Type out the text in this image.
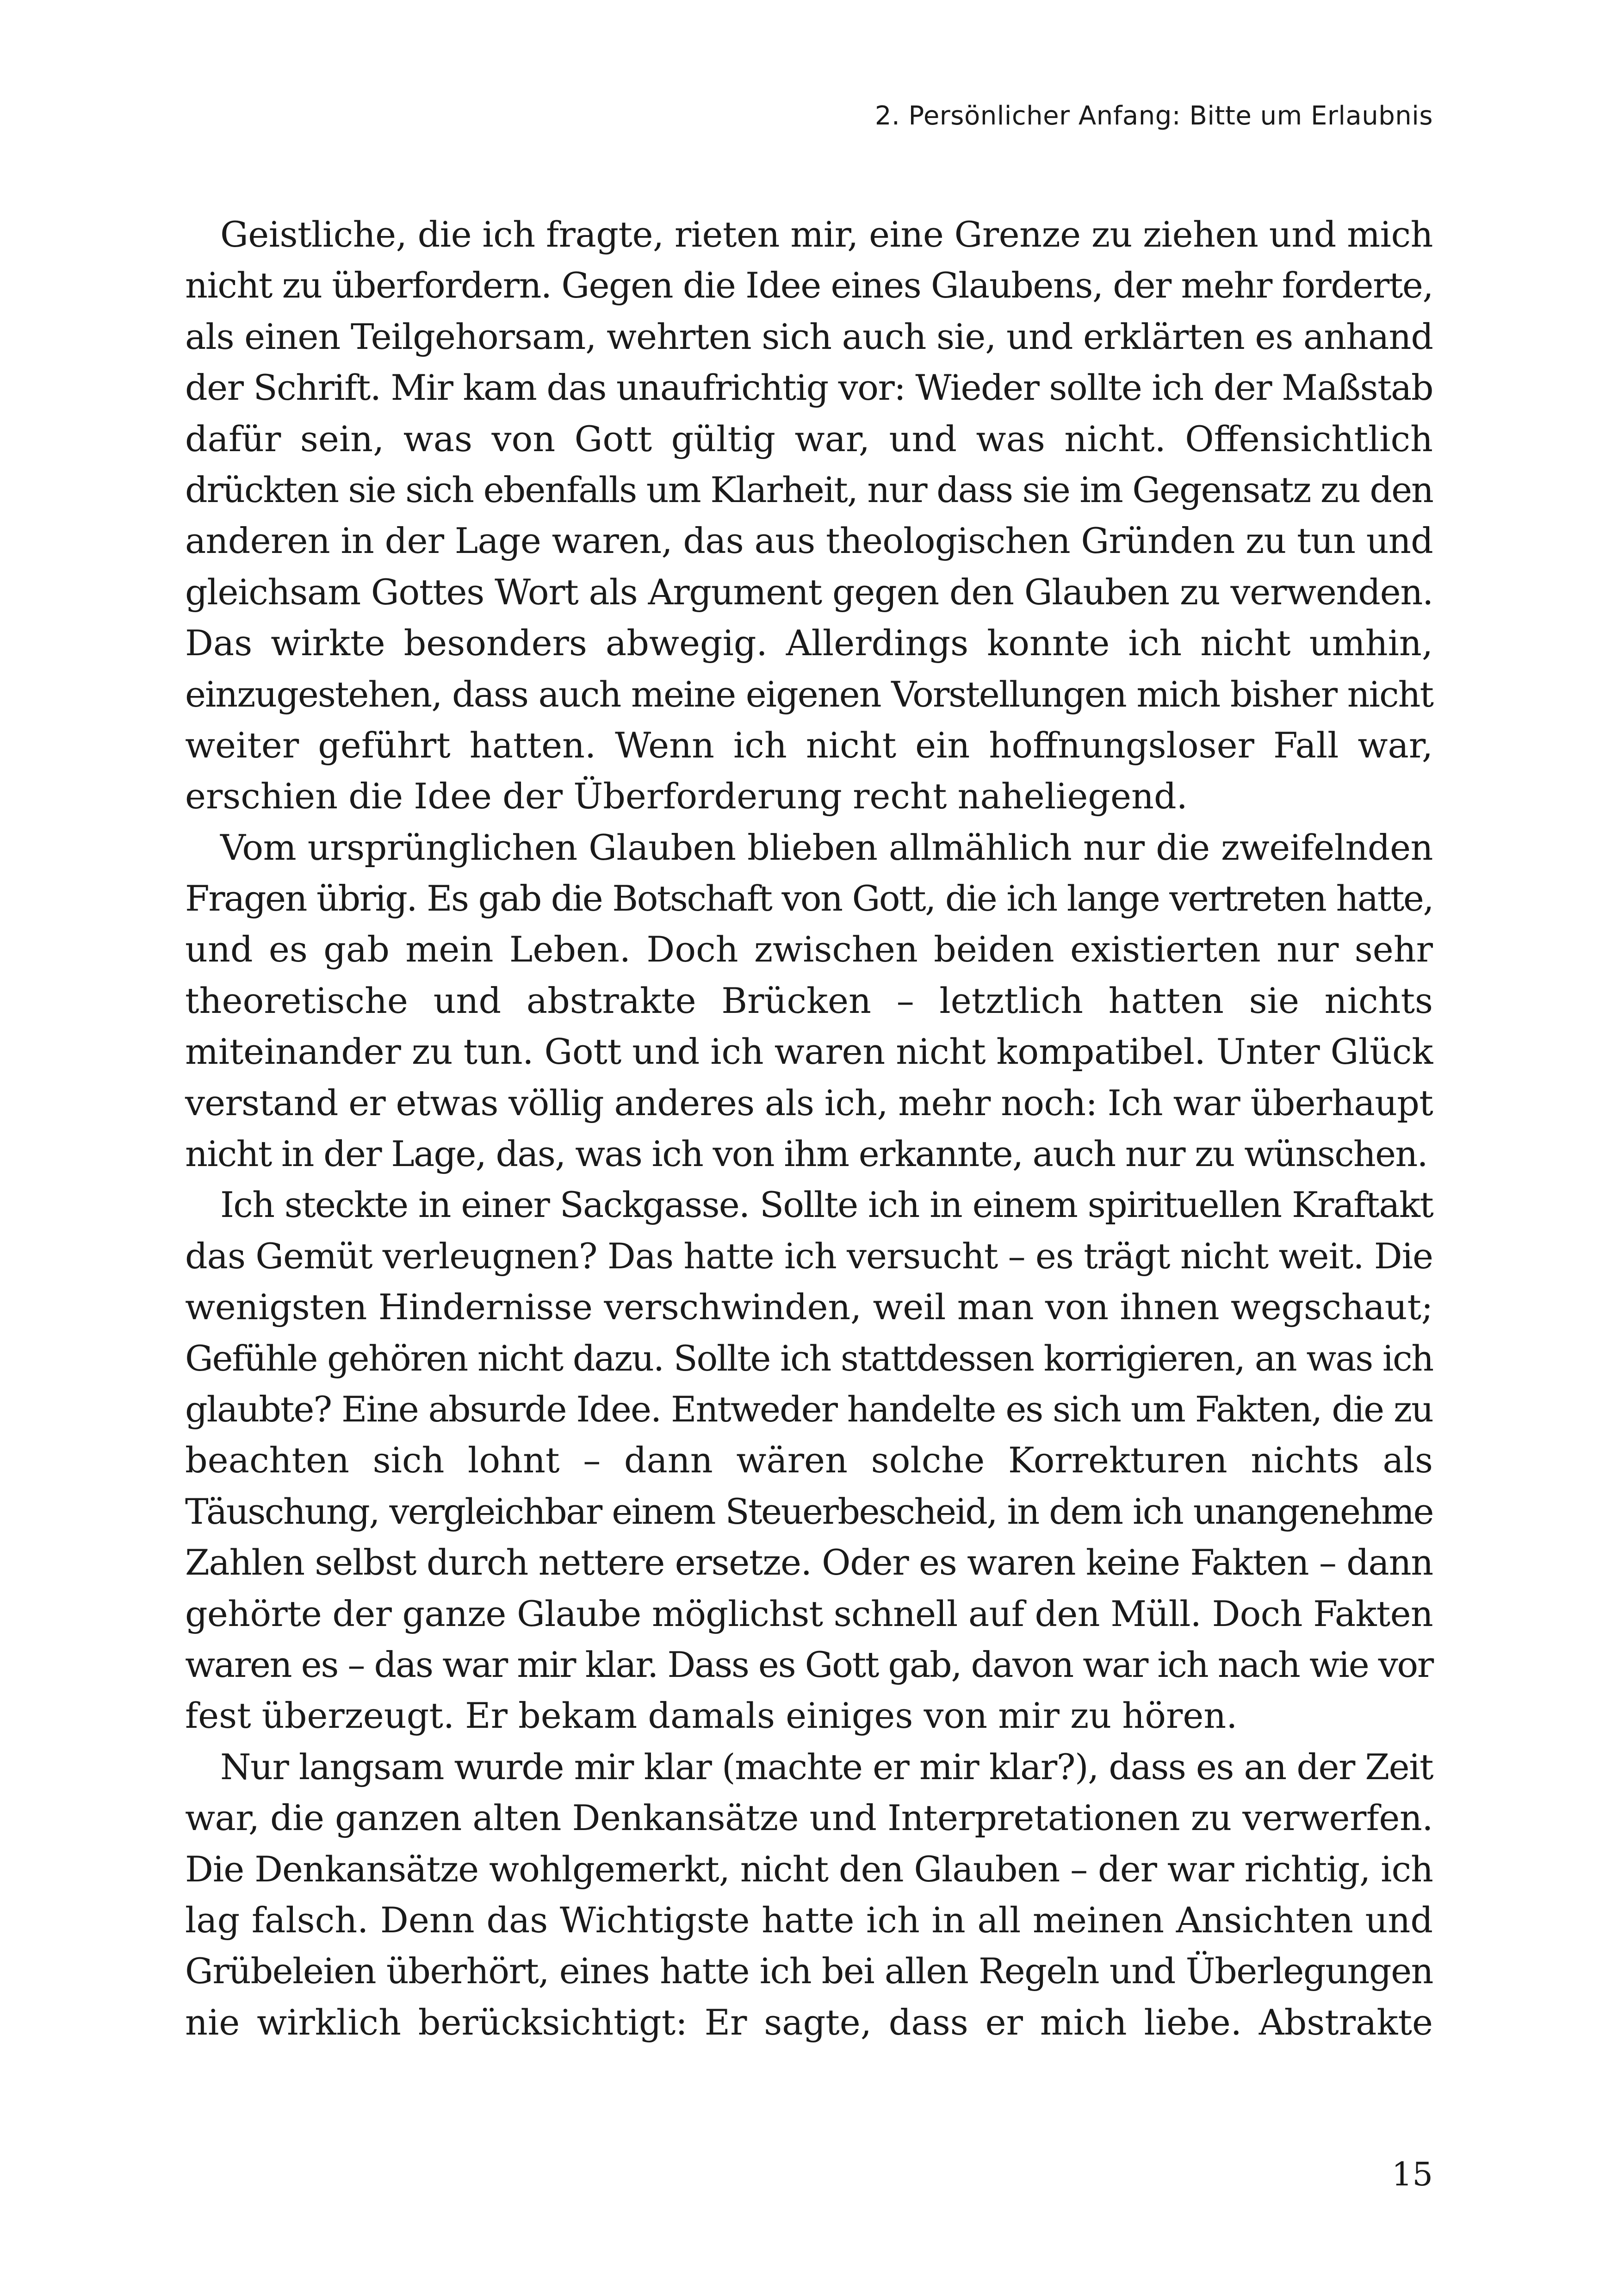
2. Persönlicher Anfang: Bitte um Erlaubnis
Geistliche, die ich fragte, rieten mir, eine Grenze zu ziehen und mich
nicht zu überfordern. Gegen die Idee eines Glaubens, der mehr forderte,
als einen Teilgehorsam, wehrten sich auch sie, und erklärten es anhand
der Schrift. Mir kam das unaufrichtig vor: Wieder sollte ich der Maßstab
dafür sein, was von Gott gültig war, und was nicht. Offensichtlich
drückten sie sich ebenfalls um Klarheit, nur dass sie im Gegensatz zu den
anderen in der Lage waren, das aus theologischen Gründen zu tun und
gleichsam Gottes Wort als Argument gegen den Glauben zu verwenden.
Das wirkte besonders abwegig. Allerdings konnte ich nicht umhin,
einzugestehen, dass auch meine eigenen Vorstellungen mich bisher nicht
weiter geführt hatten. Wenn ich nicht ein hoffnungsloser Fall war,
erschien die Idee der Überforderung recht naheliegend.
Vom ursprünglichen Glauben blieben allmählich nur die zweifelnden
Fragen übrig. Es gab die Botschaft von Gott, die ich lange vertreten hatte,
und es gab mein Leben. Doch zwischen beiden existierten nur sehr
theoretische und abstrakte Brücken – letztlich hatten sie nichts
miteinander zu tun. Gott und ich waren nicht kompatibel. Unter Glück
verstand er etwas völlig anderes als ich, mehr noch: Ich war überhaupt
nicht in der Lage, das, was ich von ihm erkannte, auch nur zu wünschen.
Ich steckte in einer Sackgasse. Sollte ich in einem spirituellen Kraftakt
das Gemüt verleugnen? Das hatte ich versucht – es trägt nicht weit. Die
wenigsten Hindernisse verschwinden, weil man von ihnen wegschaut;
Gefühle gehören nicht dazu. Sollte ich stattdessen korrigieren, an was ich
glaubte? Eine absurde Idee. Entweder handelte es sich um Fakten, die zu
beachten sich lohnt – dann wären solche Korrekturen nichts als
Täuschung, vergleichbar einem Steuerbescheid, in dem ich unangenehme
Zahlen selbst durch nettere ersetze. Oder es waren keine Fakten – dann
gehörte der ganze Glaube möglichst schnell auf den Müll. Doch Fakten
waren es – das war mir klar. Dass es Gott gab, davon war ich nach wie vor
fest überzeugt. Er bekam damals einiges von mir zu hören.
Nur langsam wurde mir klar (machte er mir klar?), dass es an der Zeit
war, die ganzen alten Denkansätze und Interpretationen zu verwerfen.
Die Denkansätze wohlgemerkt, nicht den Glauben – der war richtig, ich
lag falsch. Denn das Wichtigste hatte ich in all meinen Ansichten und
Grübeleien überhört, eines hatte ich bei allen Regeln und Überlegungen
nie wirklich berücksichtigt: Er sagte, dass er mich liebe. Abstrakte
15
